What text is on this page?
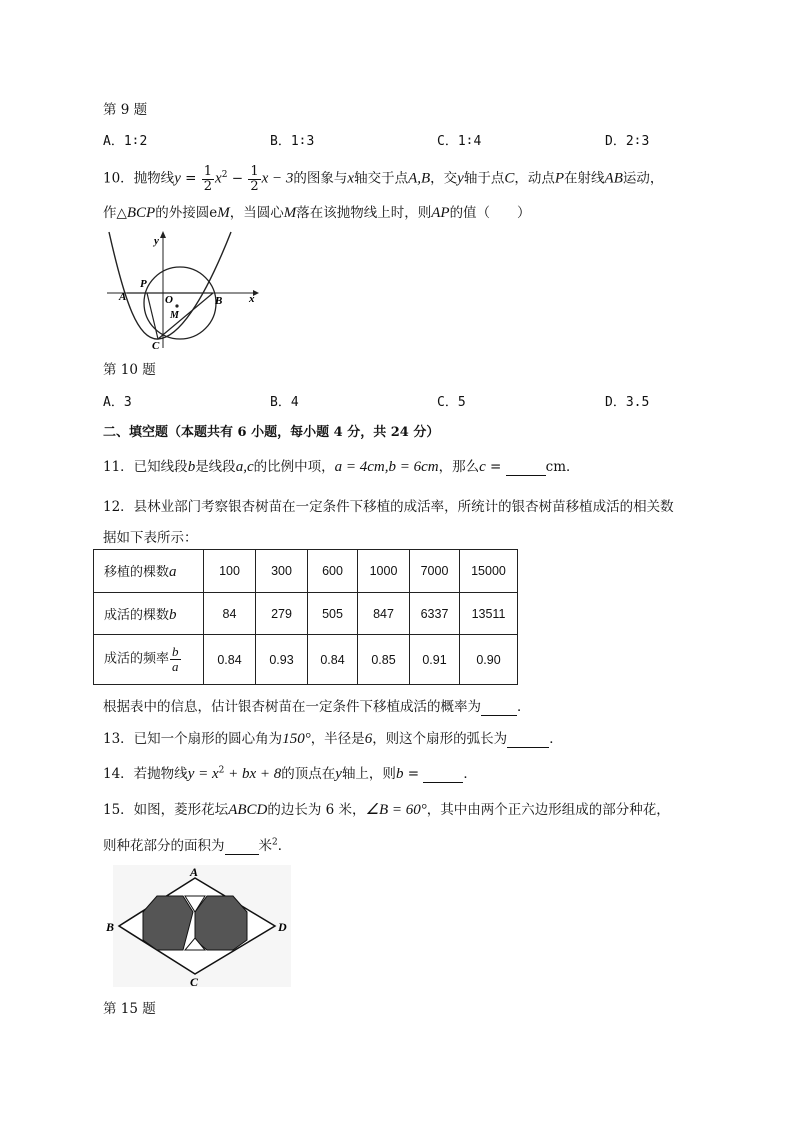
第 9 题
A．1∶2	B．1∶3	C．1∶4	D．2∶3
10．抛物线$y = \frac{1}{2} x^2 - \frac{1}{2}$ x − 3的图象与x轴交于点A,B，交y轴于点C，动点P在射线AB运动，
作△BCP的外接圆eM，当圆心M落在该抛物线上时，则AP的值（　　）
y
x
A
P
O	B
M
C
第 10 题
A．3	B．4	C．5	D．3.5
二、填空题（本题共有 6 小题，每小题 4 分，共 24 分）
11．已知线段b是线段a,c的比例中项，a = 4cm,b = 6cm，那么c =	cm．
12．县林业部门考察银杏树苗在一定条件下移植的成活率，所统计的银杏树苗移植成活的相关数
据如下表所示：
移植的棵数a	100	300	600	1000	7000	15000
成活的棵数b	84	279	505	847	6337	13511
成活的频率 $\frac{b}{a}$	0.84	0.93	0.84	0.85	0.91	0.90
根据表中的信息，估计银杏树苗在一定条件下移植成活的概率为	．
13．已知一个扇形的圆心角为150°，半径是6，则这个扇形的弧长为	．
14．若抛物线$y = x^2$ + bx + 8的顶点在y轴上，则b =	．
15．如图，菱形花坛ABCD的边长为 6 米，∠B = 60°，其中由两个正六边形组成的部分种花，
则种花部分的面积为	米$^2$．
A
B
C
D
第 15 题
